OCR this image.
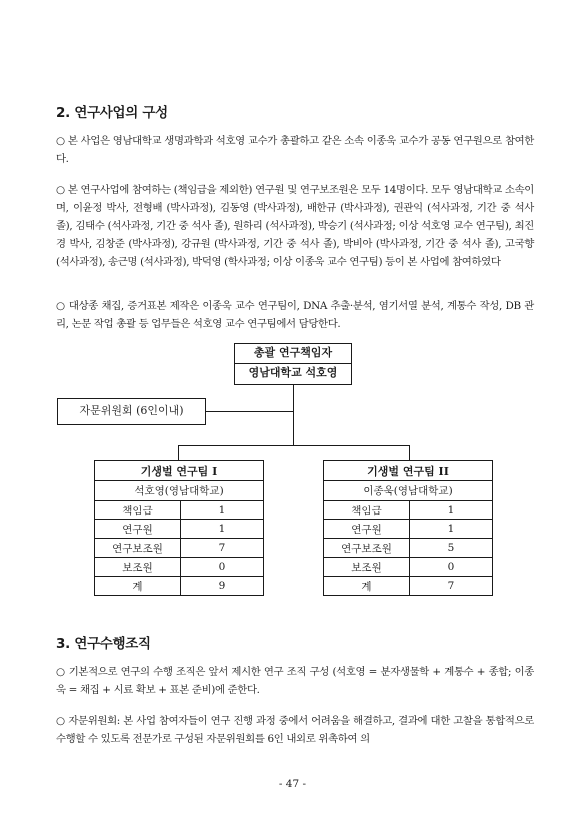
2. 연구사업의 구성

○ 본 사업은 영남대학교 생명과학과 석호영 교수가 총괄하고 같은 소속 이종욱 교수가 공동 연구원으로 참여한다.

○ 본 연구사업에 참여하는 (책임급을 제외한) 연구원 및 연구보조원은 모두 14명이다. 모두 영남대학교 소속이며, 이윤정 박사, 전형배 (박사과정), 김동영 (박사과정), 배한규 (박사과정), 권관익 (석사과정, 기간 중 석사 졸), 김태수 (석사과정, 기간 중 석사 졸), 원하리 (석사과정), 박승기 (석사과정; 이상 석호영 교수 연구팀), 최진경 박사, 김창준 (박사과정), 강규원 (박사과정, 기간 중 석사 졸), 박비아 (박사과정, 기간 중 석사 졸), 고국향 (석사과정), 송근명 (석사과정), 박덕영 (학사과정; 이상 이종욱 교수 연구팀) 등이 본 사업에 참여하였다

○ 대상종 채집, 증거표본 제작은 이종욱 교수 연구팀이, DNA 추출·분석, 염기서열 분석, 계통수 작성, DB 관리, 논문 작업 총괄 등 업무들은 석호영 교수 연구팀에서 담당한다.

총괄 연구책임자
영남대학교 석호영
자문위원회 (6인이내)
기생벌 연구팀 I	
석호영(영남대학교)	
책임급	1
연구원	1
연구보조원	7
보조원	0
계	9
기생벌 연구팀 II	
이종욱(영남대학교)	
책임급	1
연구원	1
연구보조원	5
보조원	0
계	7
3. 연구수행조직

○ 기본적으로 연구의 수행 조직은 앞서 제시한 연구 조직 구성 (석호영 = 분자생물학 + 계통수 + 종합; 이종욱 = 채집 + 시료 확보 + 표본 준비)에 준한다.

○ 자문위원회: 본 사업 참여자들이 연구 진행 과정 중에서 어려움을 해결하고, 결과에 대한 고찰을 통합적으로 수행할 수 있도록 전문가로 구성된 자문위원회를 6인 내외로 위촉하여 의

- 47 -
